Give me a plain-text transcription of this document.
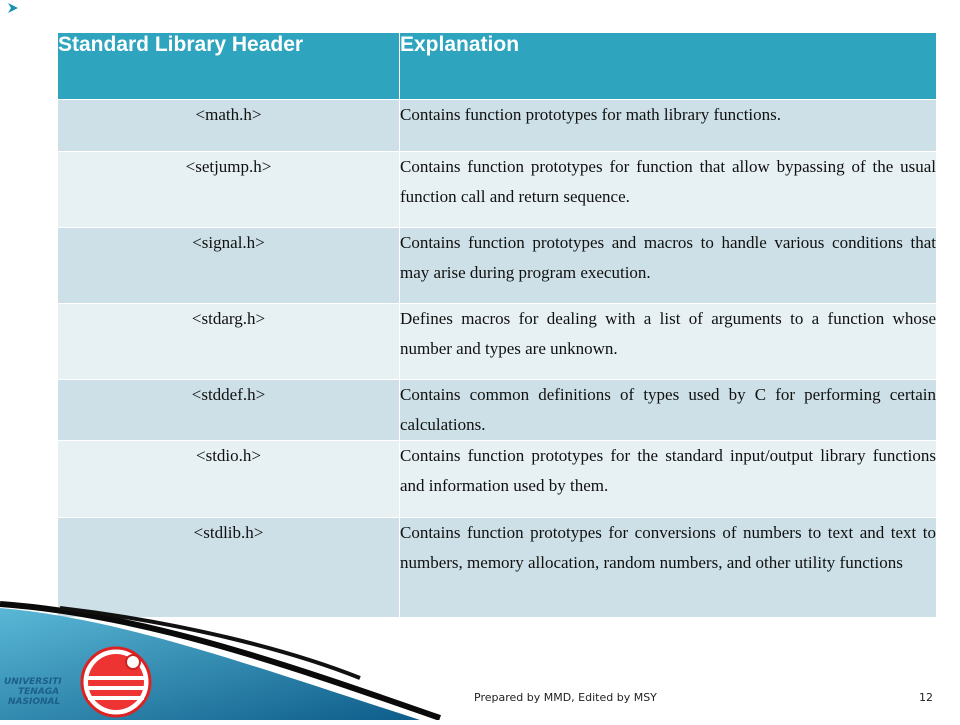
Standard Library Header	Explanation
<math.h>	Contains function prototypes for math library functions.
<setjump.h>	Contains function prototypes for function that allow bypassing of the usual function call and return sequence.
<signal.h>	Contains function prototypes and macros to handle various conditions that may arise during program execution.
<stdarg.h>	Defines macros for dealing with a list of arguments to a function whose number and types are unknown.
<stddef.h>	Contains common definitions of types used by C for performing certain calculations.
<stdio.h>	Contains function prototypes for the standard input/output library functions and information used by them.
<stdlib.h>	Contains function prototypes for conversions of numbers to text and text to numbers, memory allocation, random numbers, and other utility functions
UNIVERSITI
TENAGA
NASIONAL	Prepared by MMD, Edited by MSY	12
